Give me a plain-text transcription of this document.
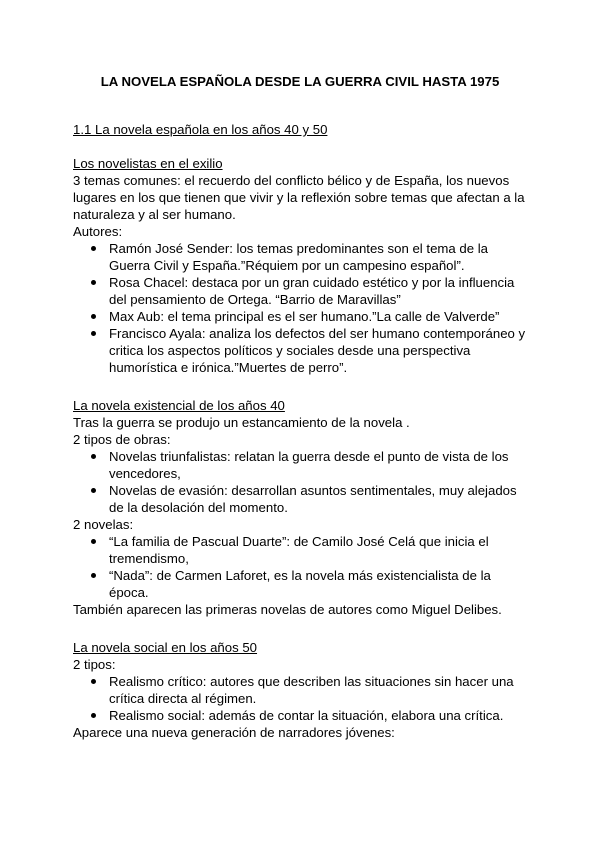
LA NOVELA ESPAÑOLA DESDE LA GUERRA CIVIL HASTA 1975
1.1 La novela española en los años 40 y 50
Los novelistas en el exilio
3 temas comunes: el recuerdo del conflicto bélico y de España, los nuevos
lugares en los que tienen que vivir y la reflexión sobre temas que afectan a la
naturaleza y al ser humano.
Autores:
Ramón José Sender: los temas predominantes son el tema de la
Guerra Civil y España.”Réquiem por un campesino español”.
Rosa Chacel: destaca por un gran cuidado estético y por la influencia
del pensamiento de Ortega. “Barrio de Maravillas”
Max Aub: el tema principal es el ser humano.”La calle de Valverde”
Francisco Ayala: analiza los defectos del ser humano contemporáneo y
critica los aspectos políticos y sociales desde una perspectiva
humorística e irónica.”Muertes de perro”.
La novela existencial de los años 40
Tras la guerra se produjo un estancamiento de la novela .
2 tipos de obras:
Novelas triunfalistas: relatan la guerra desde el punto de vista de los
vencedores,
Novelas de evasión: desarrollan asuntos sentimentales, muy alejados
de la desolación del momento.
2 novelas:
“La familia de Pascual Duarte”: de Camilo José Celá que inicia el
tremendismo,
“Nada”: de Carmen Laforet, es la novela más existencialista de la
época.
También aparecen las primeras novelas de autores como Miguel Delibes.
La novela social en los años 50
2 tipos:
Realismo crítico: autores que describen las situaciones sin hacer una
crítica directa al régimen.
Realismo social: además de contar la situación, elabora una crítica.
Aparece una nueva generación de narradores jóvenes:
